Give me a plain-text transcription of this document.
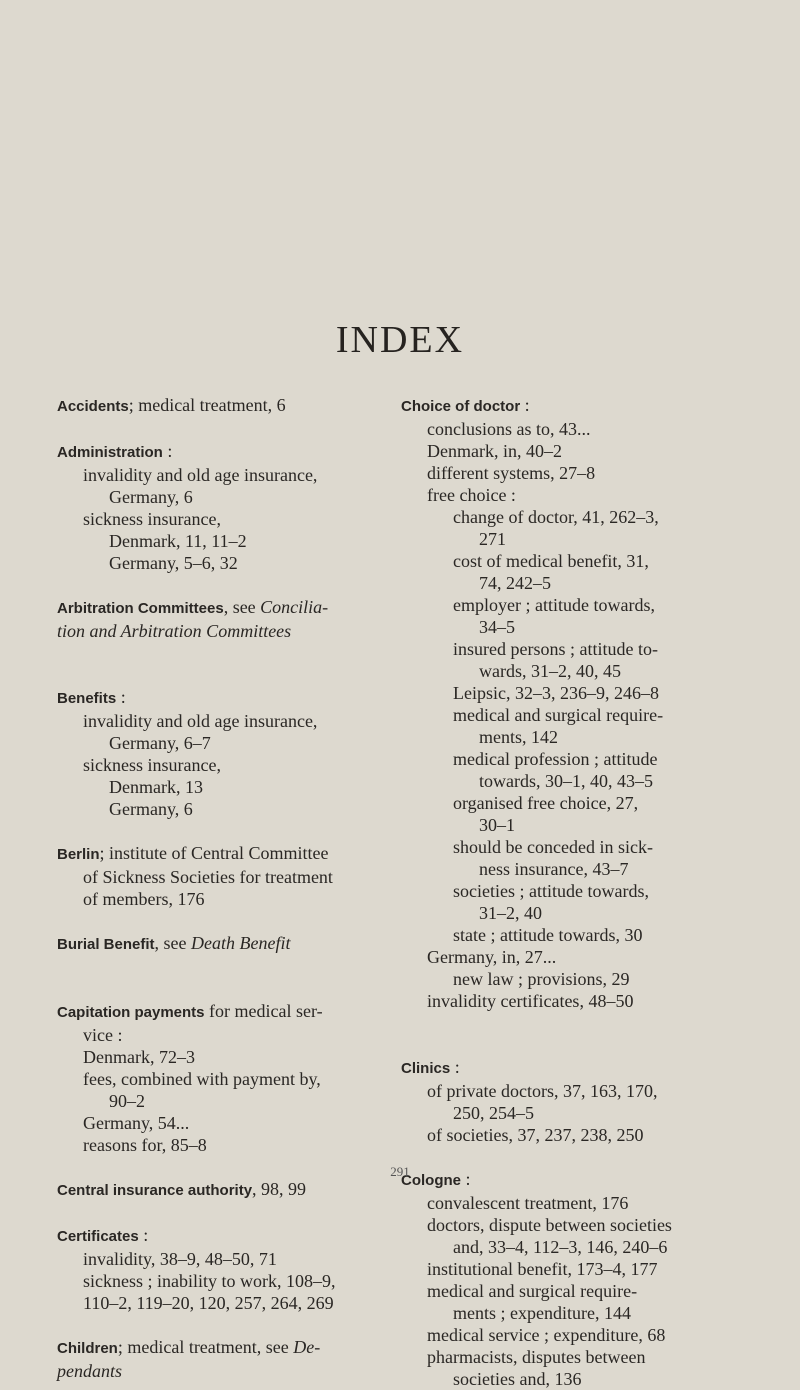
INDEX

Accidents; medical treatment, 6

Administration :

invalidity and old age insurance,

Germany, 6

sickness insurance,

Denmark, 11, 11–2

Germany, 5–6, 32

Arbitration Committees, see Concilia-

tion and Arbitration Committees

Benefits :

invalidity and old age insurance,

Germany, 6–7

sickness insurance,

Denmark, 13

Germany, 6

Berlin; institute of Central Committee

of Sickness Societies for treatment

of members, 176

Burial Benefit, see Death Benefit

Capitation payments for medical ser-

vice :

Denmark, 72–3

fees, combined with payment by,

90–2

Germany, 54...

reasons for, 85–8

Central insurance authority, 98, 99

Certificates :

invalidity, 38–9, 48–50, 71

sickness ; inability to work, 108–9,

110–2, 119–20, 120, 257, 264, 269

Children; medical treatment, see De-

pendants

Choice of doctor :

conclusions as to, 43...

Denmark, in, 40–2

different systems, 27–8

free choice :

change of doctor, 41, 262–3,

271

cost of medical benefit, 31,

74, 242–5

employer ; attitude towards,

34–5

insured persons ; attitude to-

wards, 31–2, 40, 45

Leipsic, 32–3, 236–9, 246–8

medical and surgical require-

ments, 142

medical profession ; attitude

towards, 30–1, 40, 43–5

organised free choice, 27,

30–1

should be conceded in sick-

ness insurance, 43–7

societies ; attitude towards,

31–2, 40

state ; attitude towards, 30

Germany, in, 27...

new law ; provisions, 29

invalidity certificates, 48–50

Clinics :

of private doctors, 37, 163, 170,

250, 254–5

of societies, 37, 237, 238, 250

Cologne :

convalescent treatment, 176

doctors, dispute between societies

and, 33–4, 112–3, 146, 240–6

institutional benefit, 173–4, 177

medical and surgical require-

ments ; expenditure, 144

medical service ; expenditure, 68

pharmacists, disputes between

societies and, 136

291
